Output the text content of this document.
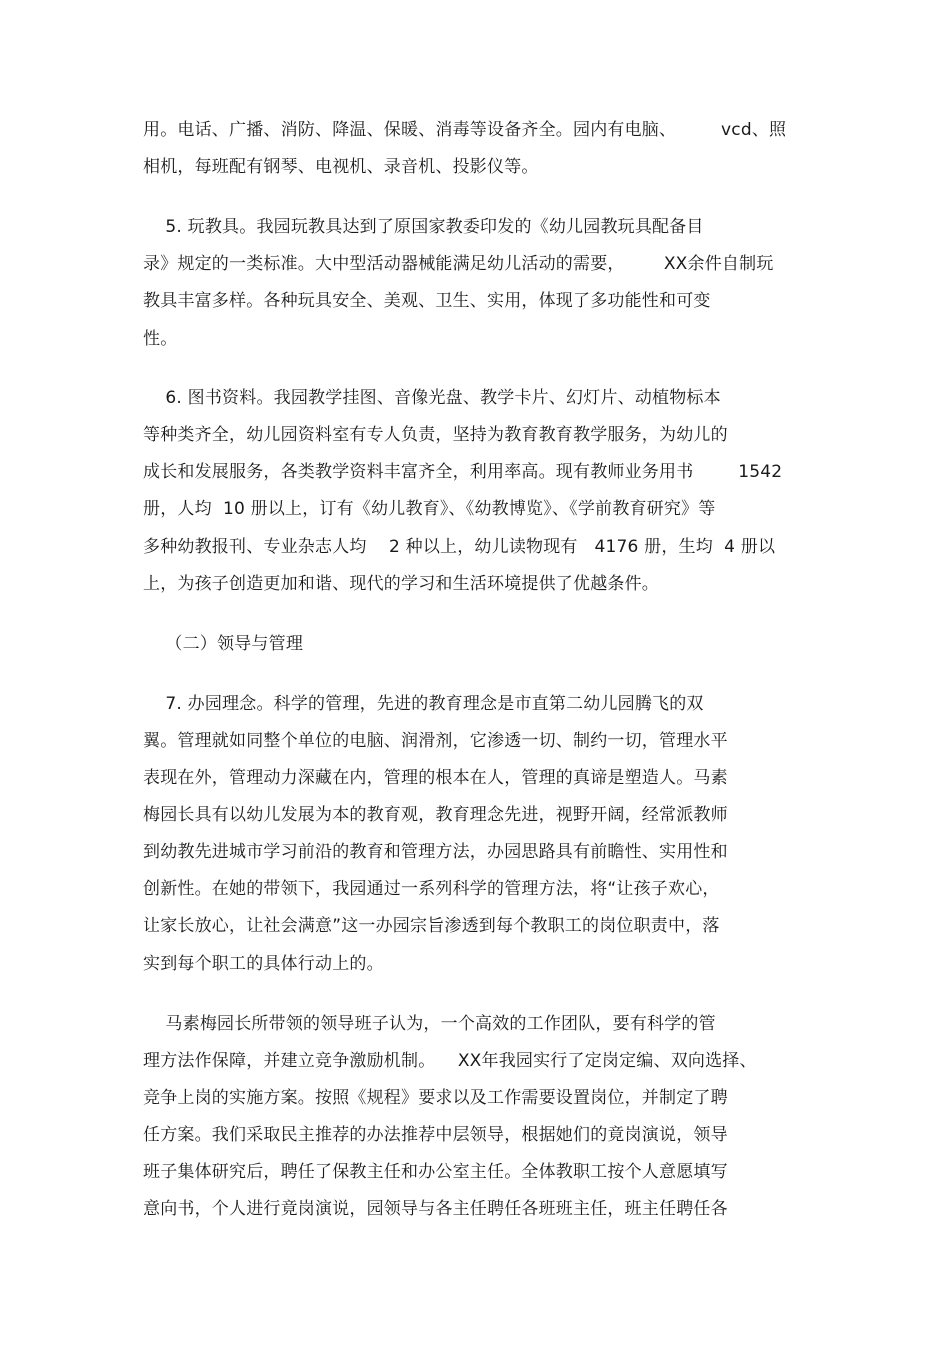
用。电话、广播、消防、降温、保暖、消毒等设备齐全。园内有电脑、        vcd、照
相机，每班配有钢琴、电视机、录音机、投影仪等。
5. 玩教具。我园玩教具达到了原国家教委印发的《幼儿园教玩具配备目
录》规定的一类标准。大中型活动器械能满足幼儿活动的需要，       XX余件自制玩
教具丰富多样。各种玩具安全、美观、卫生、实用，体现了多功能性和可变
性。
6. 图书资料。我园教学挂图、音像光盘、教学卡片、幻灯片、动植物标本
等种类齐全，幼儿园资料室有专人负责，坚持为教育教育教学服务，为幼儿的
成长和发展服务，各类教学资料丰富齐全，利用率高。现有教师业务用书        1542
册，人均  10 册以上，订有《幼儿教育》、《幼教博览》、《学前教育研究》等
多种幼教报刊、专业杂志人均    2 种以上，幼儿读物现有   4176 册，生均  4 册以
上，为孩子创造更加和谐、现代的学习和生活环境提供了优越条件。
（二）领导与管理
7. 办园理念。科学的管理，先进的教育理念是市直第二幼儿园腾飞的双
翼。管理就如同整个单位的电脑、润滑剂，它渗透一切、制约一切，管理水平
表现在外，管理动力深藏在内，管理的根本在人，管理的真谛是塑造人。马素
梅园长具有以幼儿发展为本的教育观，教育理念先进，视野开阔，经常派教师
到幼教先进城市学习前沿的教育和管理方法，办园思路具有前瞻性、实用性和
创新性。在她的带领下，我园通过一系列科学的管理方法，将“让孩子欢心，
让家长放心，让社会满意”这一办园宗旨渗透到每个教职工的岗位职责中，落
实到每个职工的具体行动上的。
马素梅园长所带领的领导班子认为，一个高效的工作团队，要有科学的管
理方法作保障，并建立竞争激励机制。    XX年我园实行了定岗定编、双向选择、
竞争上岗的实施方案。按照《规程》要求以及工作需要设置岗位，并制定了聘
任方案。我们采取民主推荐的办法推荐中层领导，根据她们的竟岗演说，领导
班子集体研究后，聘任了保教主任和办公室主任。全体教职工按个人意愿填写
意向书，个人进行竟岗演说，园领导与各主任聘任各班班主任，班主任聘任各
